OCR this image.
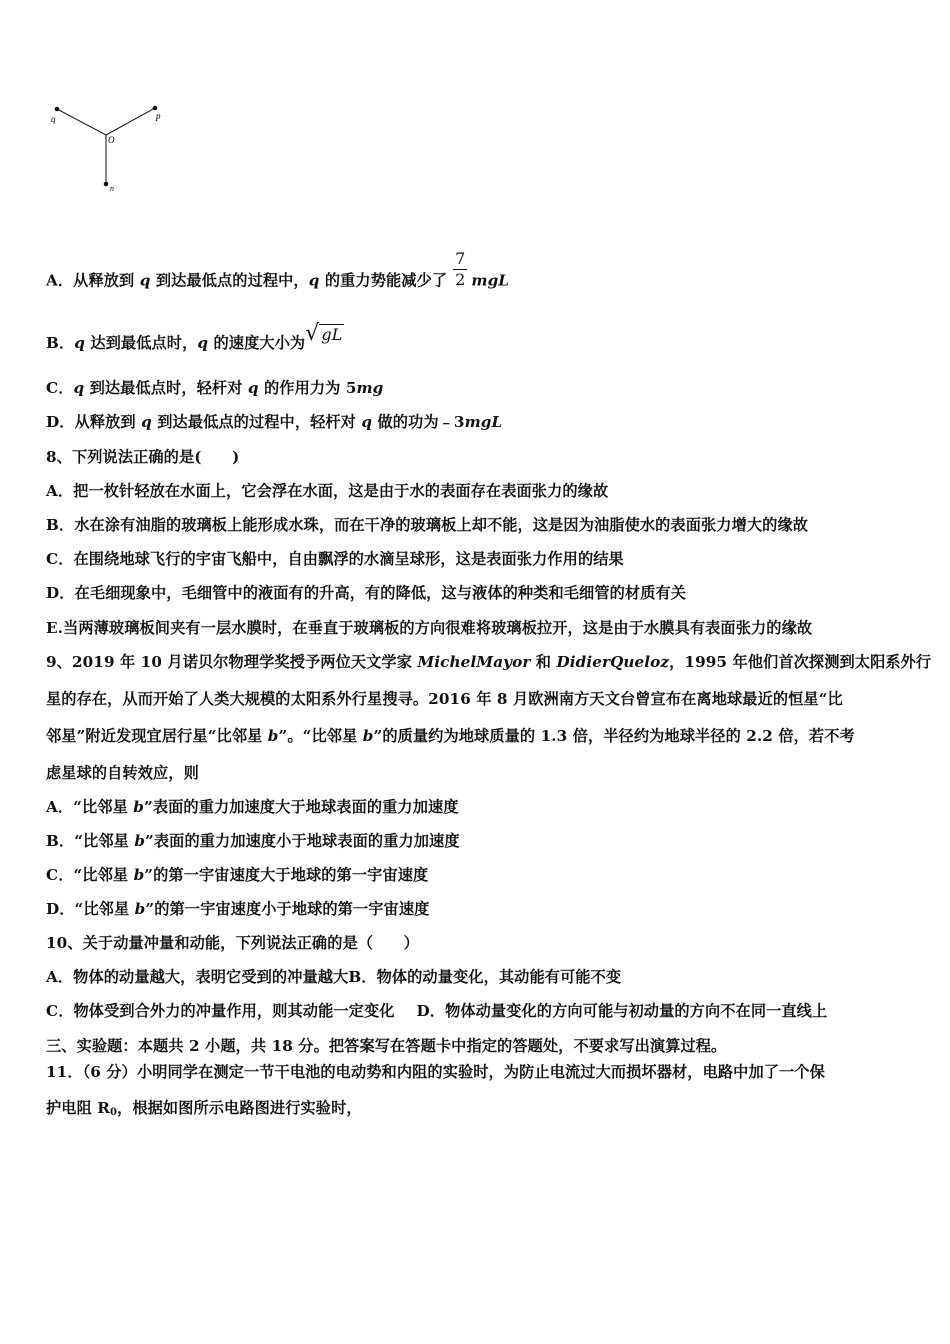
q	p
O
n
A．从释放到 q 到达最低点的过程中，q 的重力势能减少了 $\frac{7}{2}$ mgL
B．q 达到最低点时，q 的速度大小为√ gL
C．q 到达最低点时，轻杆对 q 的作用力为 5mg
D．从释放到 q 到达最低点的过程中，轻杆对 q 做的功为﹣3mgL
8、下列说法正确的是(　　)
A．把一枚针轻放在水面上，它会浮在水面，这是由于水的表面存在表面张力的缘故
B．水在涂有油脂的玻璃板上能形成水珠，而在干净的玻璃板上却不能，这是因为油脂使水的表面张力增大的缘故
C．在围绕地球飞行的宇宙飞船中，自由飘浮的水滴呈球形，这是表面张力作用的结果
D．在毛细现象中，毛细管中的液面有的升高，有的降低，这与液体的种类和毛细管的材质有关
E.当两薄玻璃板间夹有一层水膜时，在垂直于玻璃板的方向很难将玻璃板拉开，这是由于水膜具有表面张力的缘故
9、2019 年 10 月诺贝尔物理学奖授予两位天文学家 MichelMayor 和 DidierQueloz，1995 年他们首次探测到太阳系外行
星的存在，从而开始了人类大规模的太阳系外行星搜寻。2016 年 8 月欧洲南方天文台曾宣布在离地球最近的恒星“比
邻星”附近发现宜居行星“比邻星 b”。“比邻星 b”的质量约为地球质量的 1.3 倍，半径约为地球半径的 2.2 倍，若不考
虑星球的自转效应，则
A．“比邻星 b”表面的重力加速度大于地球表面的重力加速度
B．“比邻星 b”表面的重力加速度小于地球表面的重力加速度
C．“比邻星 b”的第一宇宙速度大于地球的第一宇宙速度
D．“比邻星 b”的第一宇宙速度小于地球的第一宇宙速度
10、关于动量冲量和动能，下列说法正确的是（　　）
A．物体的动量越大，表明它受到的冲量越大B．物体的动量变化，其动能有可能不变
C．物体受到合外力的冲量作用，则其动能一定变化 D．物体动量变化的方向可能与初动量的方向不在同一直线上
三、实验题：本题共 2 小题，共 18 分。把答案写在答题卡中指定的答题处，不要求写出演算过程。
11．（6 分）小明同学在测定一节干电池的电动势和内阻的实验时，为防止电流过大而损坏器材，电路中加了一个保
护电阻 $R_0$，根据如图所示电路图进行实验时，
